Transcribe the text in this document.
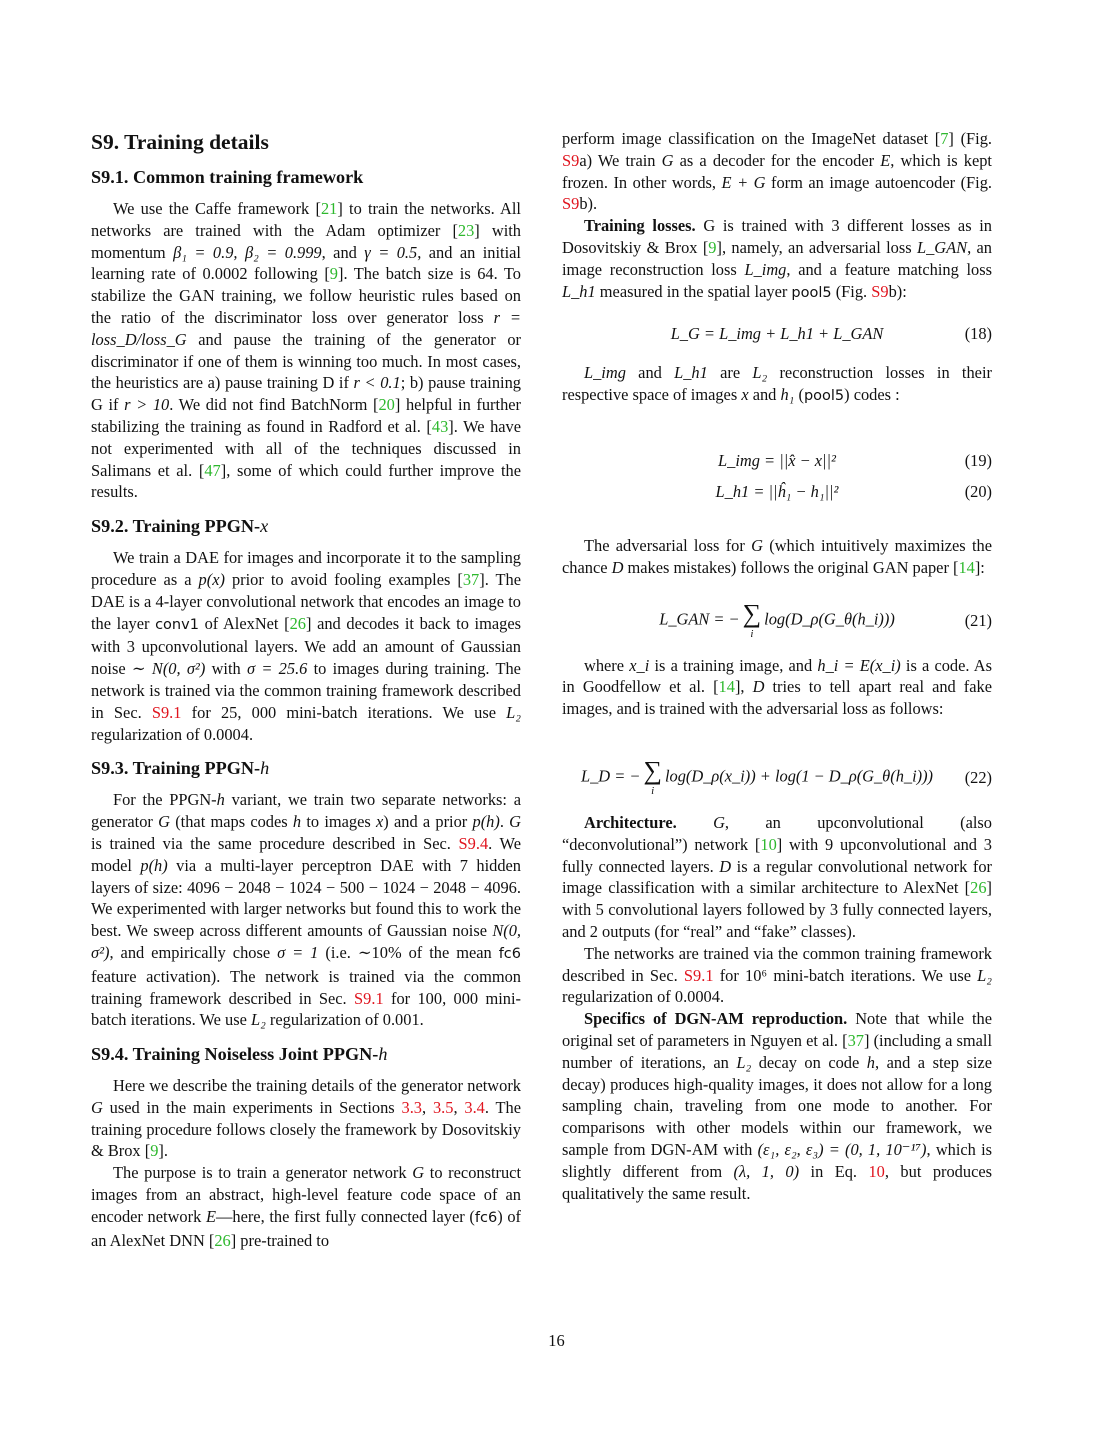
S9. Training details
S9.1. Common training framework

We use the Caffe framework [21] to train the networks. All networks are trained with the Adam optimizer [23] with momentum β₁ = 0.9, β₂ = 0.999, and γ = 0.5, and an initial learning rate of 0.0002 following [9]. The batch size is 64. To stabilize the GAN training, we follow heuristic rules based on the ratio of the discriminator loss over generator loss r = loss_D/loss_G and pause the training of the generator or discriminator if one of them is winning too much. In most cases, the heuristics are a) pause training D if r < 0.1; b) pause training G if r > 10. We did not find BatchNorm [20] helpful in further stabilizing the training as found in Radford et al. [43]. We have not experimented with all of the techniques discussed in Salimans et al. [47], some of which could further improve the results.

S9.2. Training PPGN-x

We train a DAE for images and incorporate it to the sampling procedure as a p(x) prior to avoid fooling examples [37]. The DAE is a 4-layer convolutional network that encodes an image to the layer conv1 of AlexNet [26] and decodes it back to images with 3 upconvolutional layers. We add an amount of Gaussian noise ∼ N(0, σ²) with σ = 25.6 to images during training. The network is trained via the common training framework described in Sec. S9.1 for 25, 000 mini-batch iterations. We use L₂ regularization of 0.0004.

S9.3. Training PPGN-h

For the PPGN-h variant, we train two separate networks: a generator G (that maps codes h to images x) and a prior p(h). G is trained via the same procedure described in Sec. S9.4. We model p(h) via a multi-layer perceptron DAE with 7 hidden layers of size: 4096 − 2048 − 1024 − 500 − 1024 − 2048 − 4096. We experimented with larger networks but found this to work the best. We sweep across different amounts of Gaussian noise N(0, σ²), and empirically chose σ = 1 (i.e. ∼10% of the mean fc6 feature activation). The network is trained via the common training framework described in Sec. S9.1 for 100, 000 mini-batch iterations. We use L₂ regularization of 0.001.

S9.4. Training Noiseless Joint PPGN-h

Here we describe the training details of the generator network G used in the main experiments in Sections 3.3, 3.5, 3.4. The training procedure follows closely the framework by Dosovitskiy & Brox [9].

The purpose is to train a generator network G to reconstruct images from an abstract, high-level feature code space of an encoder network E—here, the first fully connected layer (fc6) of an AlexNet DNN [26] pre-trained to

perform image classification on the ImageNet dataset [7] (Fig. S9a) We train G as a decoder for the encoder E, which is kept frozen. In other words, E + G form an image autoencoder (Fig. S9b).

Training losses. G is trained with 3 different losses as in Dosovitskiy & Brox [9], namely, an adversarial loss L_GAN, an image reconstruction loss L_img, and a feature matching loss L_h1 measured in the spatial layer pool5 (Fig. S9b):

L_G = L_img + L_h1 + L_GAN	(18)

L_img and L_h1 are L₂ reconstruction losses in their respective space of images x and h₁ (pool5) codes :

L_img = ||x̂ − x||²	(19)
L_h1 = ||ĥ₁ − h₁||²	(20)

The adversarial loss for G (which intuitively maximizes the chance D makes mistakes) follows the original GAN paper [14]:

L_GAN = − ∑
i
log(D_ρ(G_θ(h_i)))	(21)

where x_i is a training image, and h_i = E(x_i) is a code. As in Goodfellow et al. [14], D tries to tell apart real and fake images, and is trained with the adversarial loss as follows:

L_D = − ∑
i
log(D_ρ(x_i)) + log(1 − D_ρ(G_θ(h_i))) (22)

Architecture. G, an upconvolutional (also “deconvolutional”) network [10] with 9 upconvolutional and 3 fully connected layers. D is a regular convolutional network for image classification with a similar architecture to AlexNet [26] with 5 convolutional layers followed by 3 fully connected layers, and 2 outputs (for “real” and “fake” classes).

The networks are trained via the common training framework described in Sec. S9.1 for 10⁶ mini-batch iterations. We use L₂ regularization of 0.0004.

Specifics of DGN-AM reproduction. Note that while the original set of parameters in Nguyen et al. [37] (including a small number of iterations, an L₂ decay on code h, and a step size decay) produces high-quality images, it does not allow for a long sampling chain, traveling from one mode to another. For comparisons with other models within our framework, we sample from DGN-AM with (ε₁, ε₂, ε₃) = (0, 1, 10⁻¹⁷), which is slightly different from (λ, 1, 0) in Eq. 10, but produces qualitatively the same result.

16
